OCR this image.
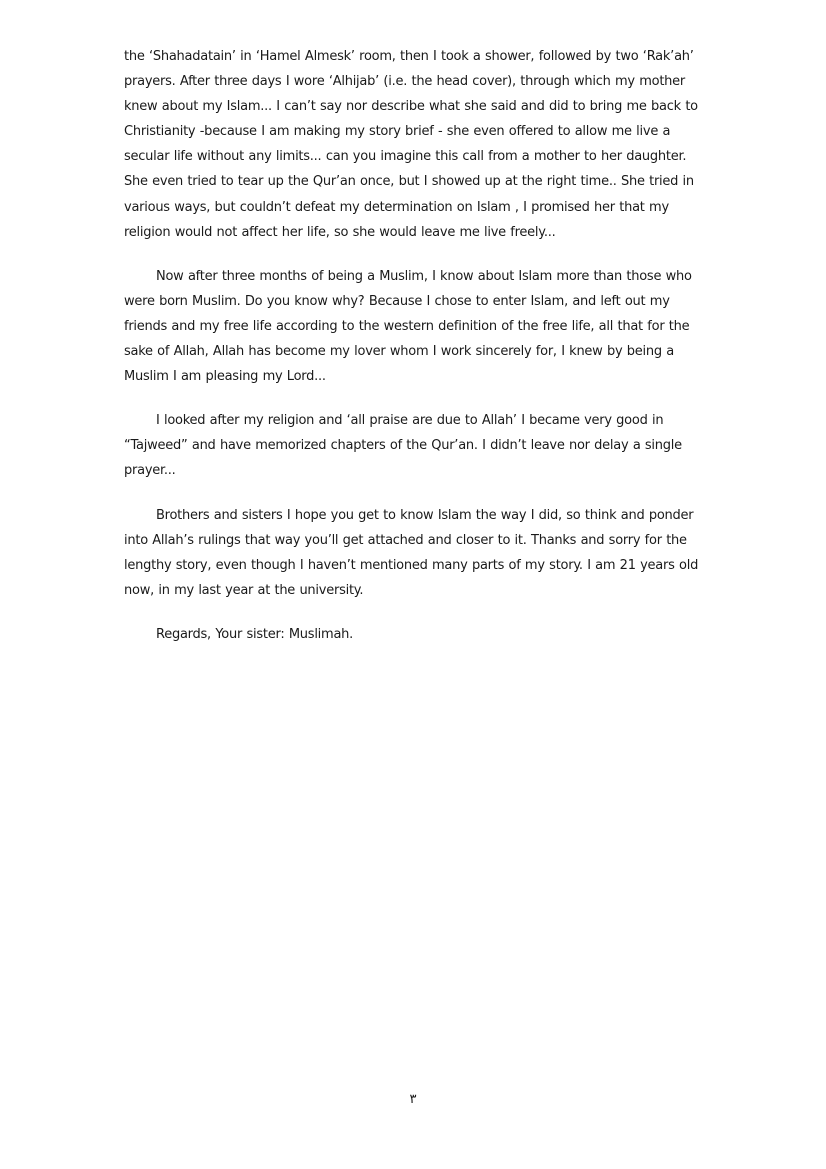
the ‘Shahadatain’ in ‘Hamel Almesk’ room, then I took a shower, followed by two ‘Rak’ah’ prayers. After three days I wore ‘Alhijab’ (i.e. the head cover), through which my mother knew about my Islam... I can’t say nor describe what she said and did to bring me back to Christianity -because I am making my story brief - she even offered to allow me live a secular life without any limits... can you imagine this call from a mother to her daughter. She even tried to tear up the Qur’an once, but I showed up at the right time.. She tried in various ways, but couldn’t defeat my determination on Islam , I promised her that my religion would not affect her life, so she would leave me live freely...

Now after three months of being a Muslim, I know about Islam more than those who were born Muslim. Do you know why? Because I chose to enter Islam, and left out my friends and my free life according to the western definition of the free life, all that for the sake of Allah, Allah has become my lover whom I work sincerely for, I knew by being a Muslim I am pleasing my Lord...

I looked after my religion and ‘all praise are due to Allah’ I became very good in “Tajweed” and have memorized chapters of the Qur’an. I didn’t leave nor delay a single prayer...

Brothers and sisters I hope you get to know Islam the way I did, so think and ponder into Allah’s rulings that way you’ll get attached and closer to it. Thanks and sorry for the lengthy story, even though I haven’t mentioned many parts of my story. I am 21 years old now, in my last year at the university.

Regards, Your sister: Muslimah.

٣
